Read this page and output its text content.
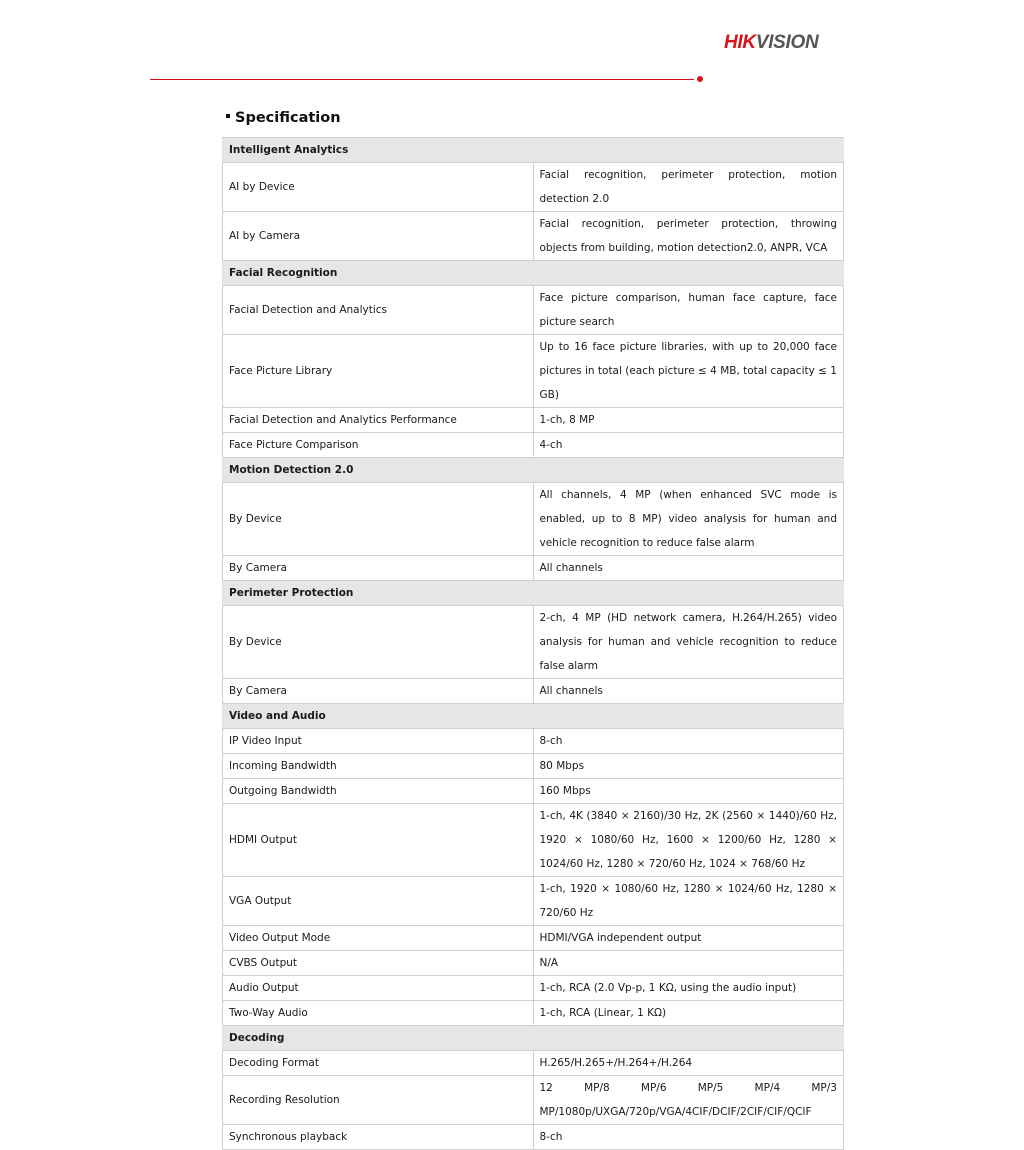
HIKVISION
Specification
Intelligent Analytics	
AI by Device	Facial recognition, perimeter protection, motion detection 2.0
AI by Camera	Facial recognition, perimeter protection, throwing objects from building, motion detection2.0, ANPR, VCA
Facial Recognition	
Facial Detection and Analytics	Face picture comparison, human face capture, face picture search
Face Picture Library	Up to 16 face picture libraries, with up to 20,000 face pictures in total (each picture ≤ 4 MB, total capacity ≤ 1 GB)
Facial Detection and Analytics Performance	1-ch, 8 MP
Face Picture Comparison	4-ch
Motion Detection 2.0	
By Device	All channels, 4 MP (when enhanced SVC mode is enabled, up to 8 MP) video analysis for human and vehicle recognition to reduce false alarm
By Camera	All channels
Perimeter Protection	
By Device	2-ch, 4 MP (HD network camera, H.264/H.265) video analysis for human and vehicle recognition to reduce false alarm
By Camera	All channels
Video and Audio	
IP Video Input	8-ch
Incoming Bandwidth	80 Mbps
Outgoing Bandwidth	160 Mbps
HDMI Output	1-ch, 4K (3840 × 2160)/30 Hz, 2K (2560 × 1440)/60 Hz, 1920 × 1080/60 Hz, 1600 × 1200/60 Hz, 1280 × 1024/60 Hz, 1280 × 720/60 Hz, 1024 × 768/60 Hz
VGA Output	1-ch, 1920 × 1080/60 Hz, 1280 × 1024/60 Hz, 1280 × 720/60 Hz
Video Output Mode	HDMI/VGA independent output
CVBS Output	N/A
Audio Output	1-ch, RCA (2.0 Vp-p, 1 KΩ, using the audio input)
Two-Way Audio	1-ch, RCA (Linear, 1 KΩ)
Decoding	
Decoding Format	H.265/H.265+/H.264+/H.264
Recording Resolution	12 MP/8 MP/6 MP/5 MP/4 MP/3 MP/1080p/UXGA/720p/VGA/4CIF/DCIF/2CIF/CIF/QCIF
Synchronous playback	8-ch
